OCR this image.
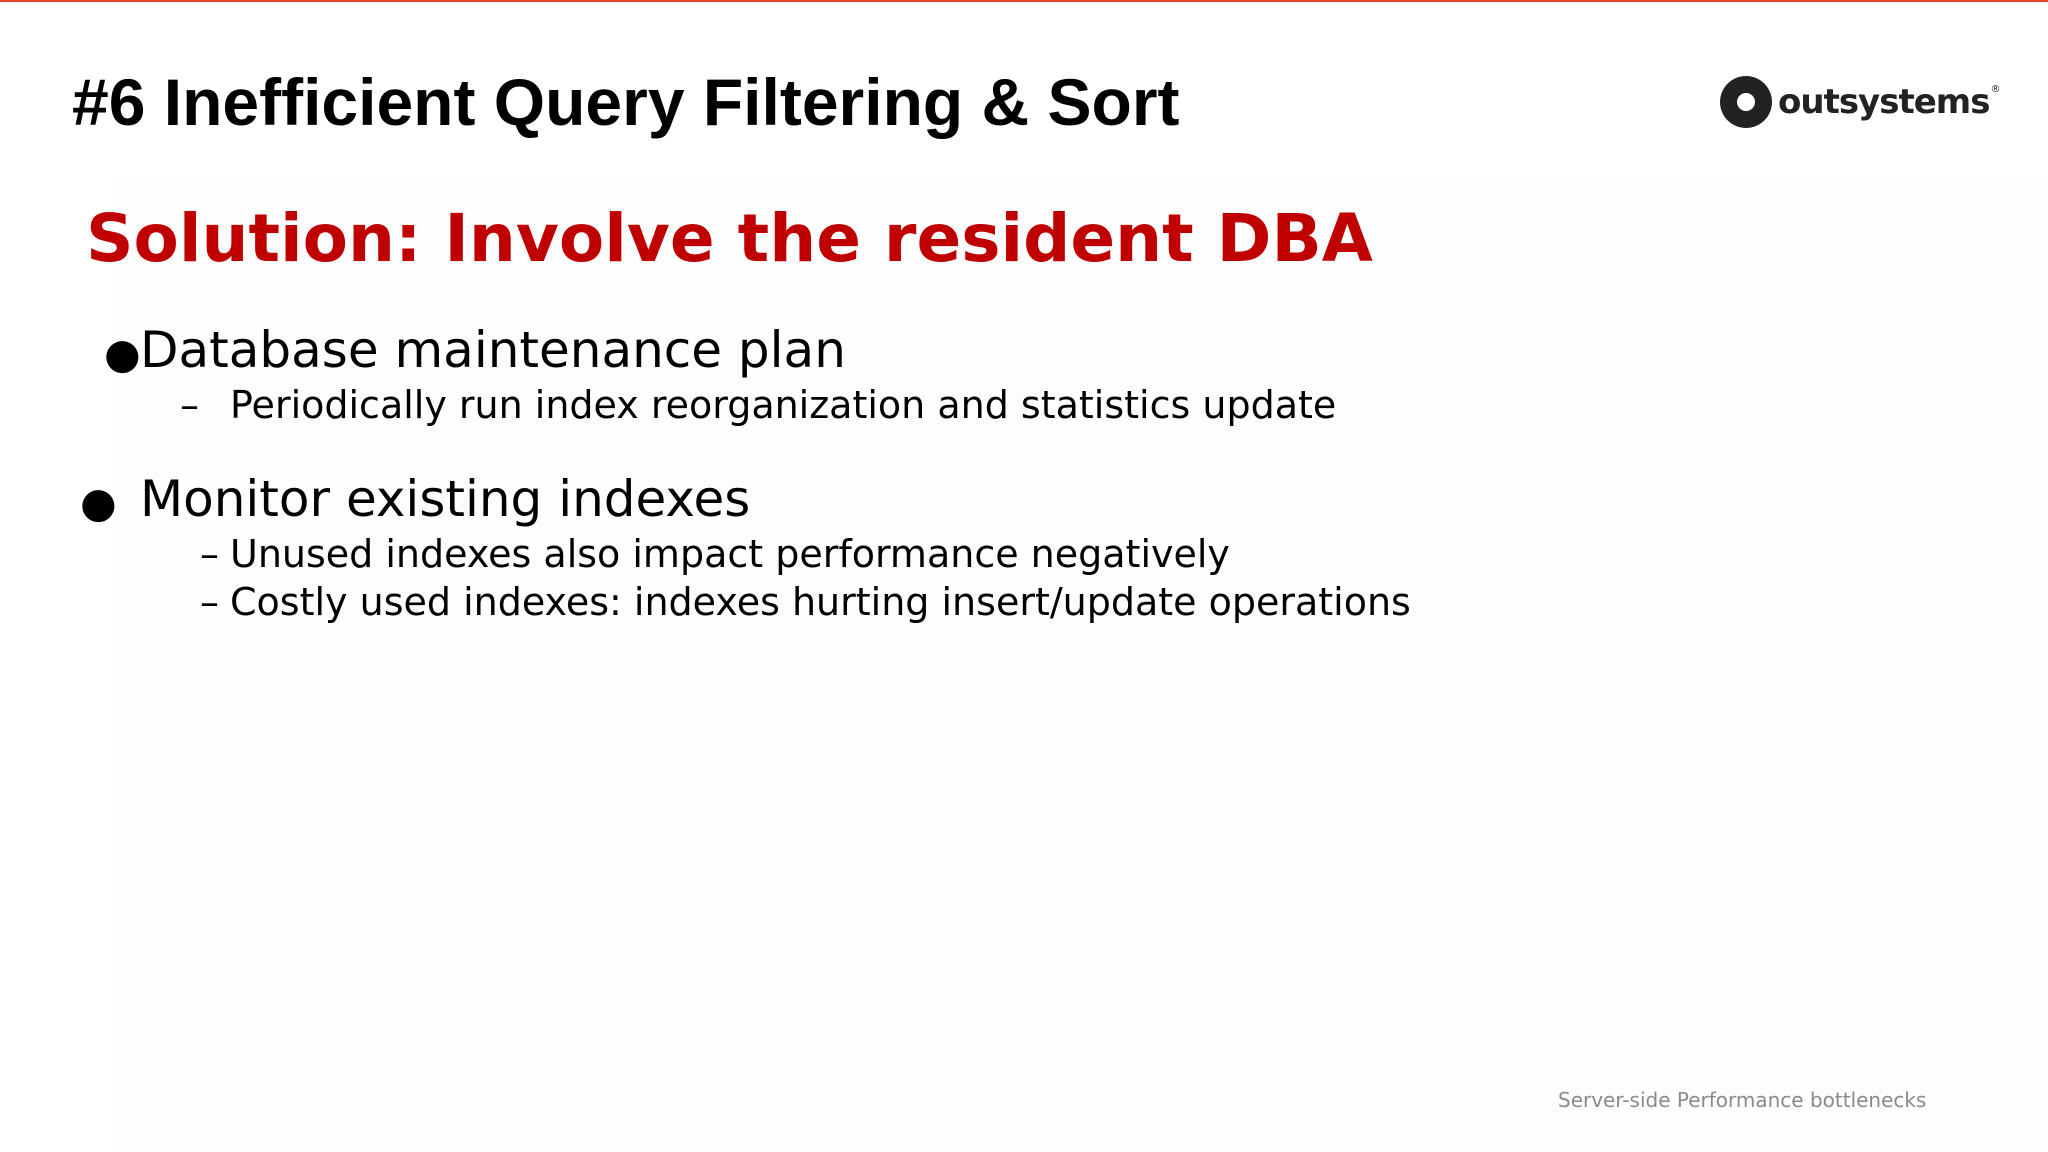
#6 Inefficient Query Filtering & Sort	outsystems ®
Solution: Involve the resident DBA
● Database maintenance plan

– Periodically run index reorganization and statistics update

● Monitor existing indexes

– Unused indexes also impact performance negatively

– Costly used indexes: indexes hurting insert/update operations

Server-side Performance bottlenecks
